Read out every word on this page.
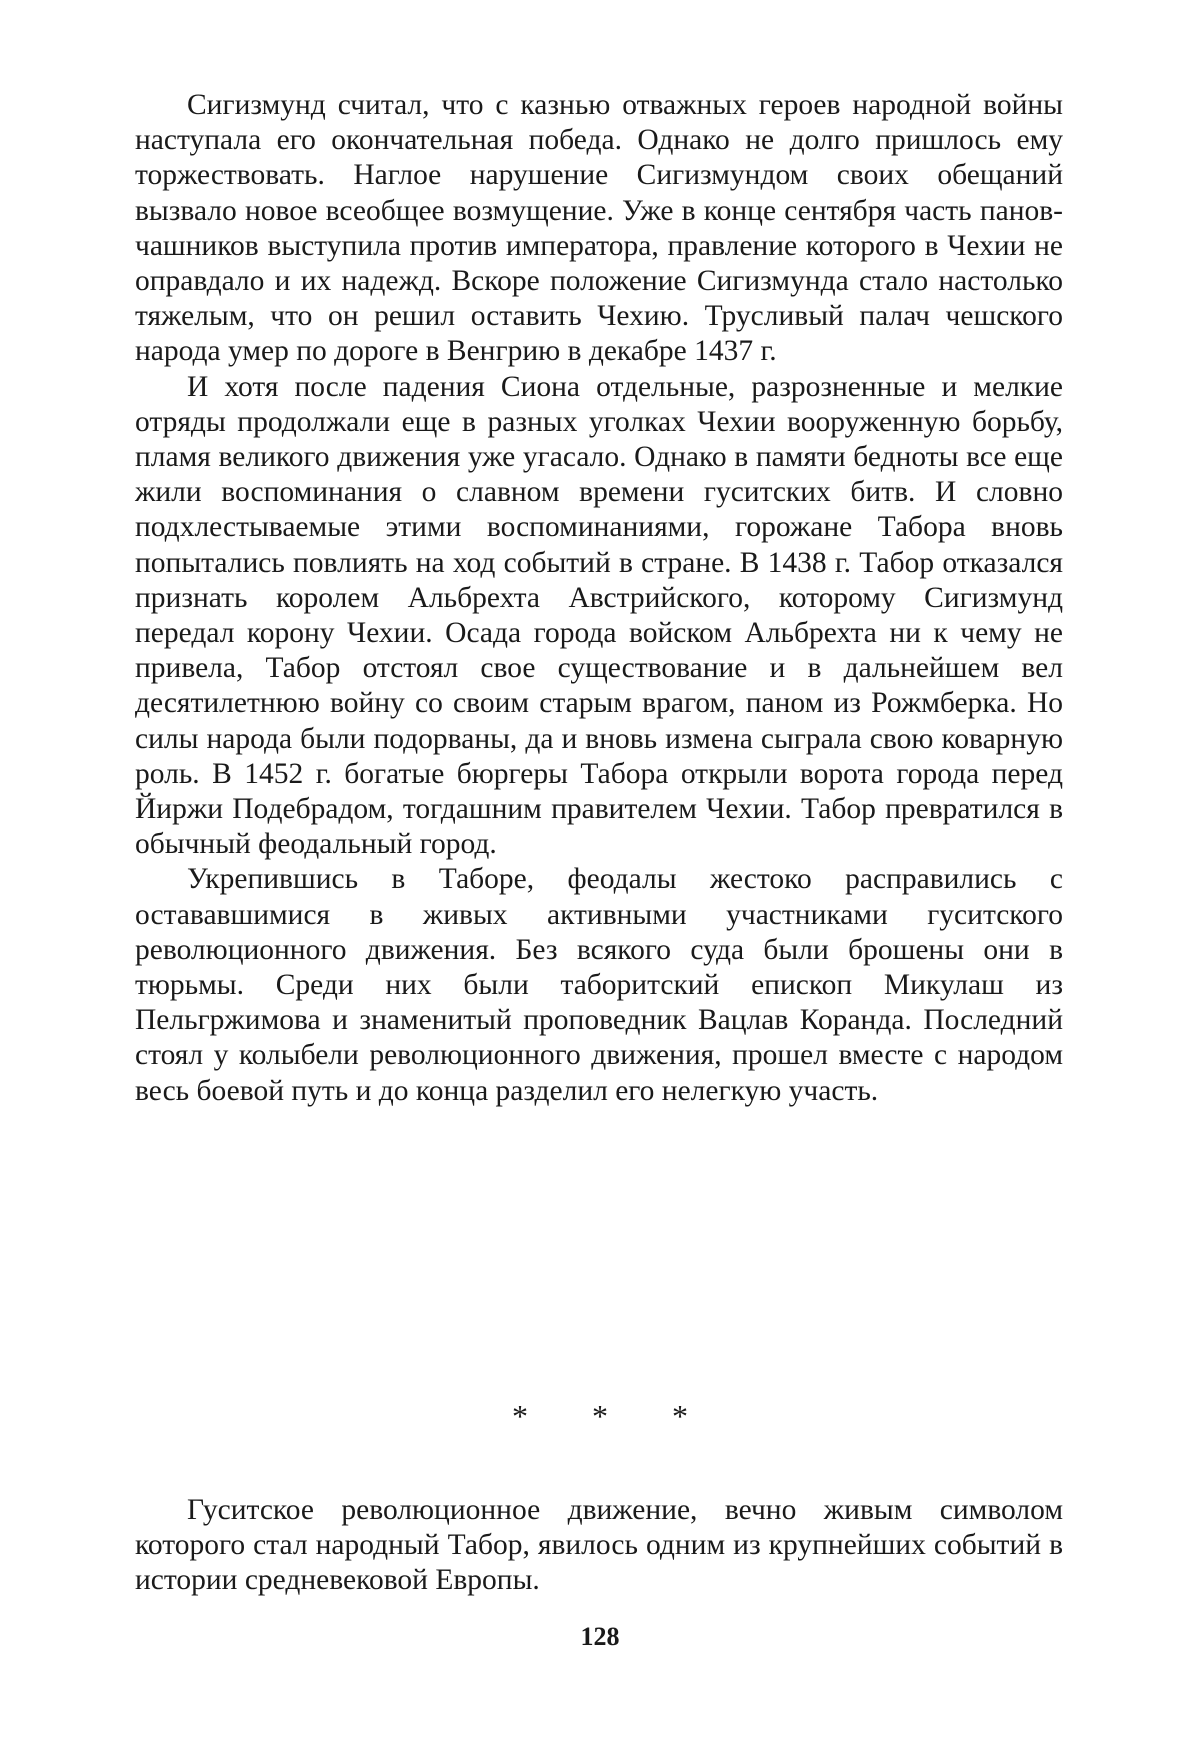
Сигизмунд считал, что с казнью отважных героев народной войны наступала его окончательная победа. Однако не долго пришлось ему торжествовать. Наглое нарушение Сигизмундом своих обещаний вызвало новое всеобщее возмущение. Уже в конце сентября часть панов-чашников выступила против императора, правление которого в Чехии не оправдало и их надежд. Вскоре положение Сигизмунда стало настолько тяжелым, что он решил оставить Чехию. Трусливый палач чешского народа умер по дороге в Венгрию в декабре 1437 г.

И хотя после падения Сиона отдельные, разрозненные и мелкие отряды продолжали еще в разных уголках Чехии вооруженную борьбу, пламя великого движения уже угасало. Однако в памяти бедноты все еще жили воспоминания о славном времени гуситских битв. И словно подхлестываемые этими воспоминаниями, горожане Табора вновь попытались повлиять на ход событий в стране. В 1438 г. Табор отказался признать королем Альбрехта Австрийского, которому Сигизмунд передал корону Чехии. Осада города войском Альбрехта ни к чему не привела, Табор отстоял свое существование и в дальнейшем вел десятилетнюю войну со своим старым врагом, паном из Рожмберка. Но силы народа были подорваны, да и вновь измена сыграла свою коварную роль. В 1452 г. богатые бюргеры Табора открыли ворота города перед Йиржи Подебрадом, тогдашним правителем Чехии. Табор превратился в обычный феодальный город.

Укрепившись в Таборе, феодалы жестоко расправились с остававшимися в живых активными участниками гуситского революционного движения. Без всякого суда были брошены они в тюрьмы. Среди них были таборитский епископ Микулаш из Пельгржимова и знаменитый проповедник Вацлав Коранда. Последний стоял у колыбели революционного движения, прошел вместе с народом весь боевой путь и до конца разделил его нелегкую участь.

* * *

Гуситское революционное движение, вечно живым символом которого стал народный Табор, явилось одним из крупнейших событий в истории средневековой Европы.

128
